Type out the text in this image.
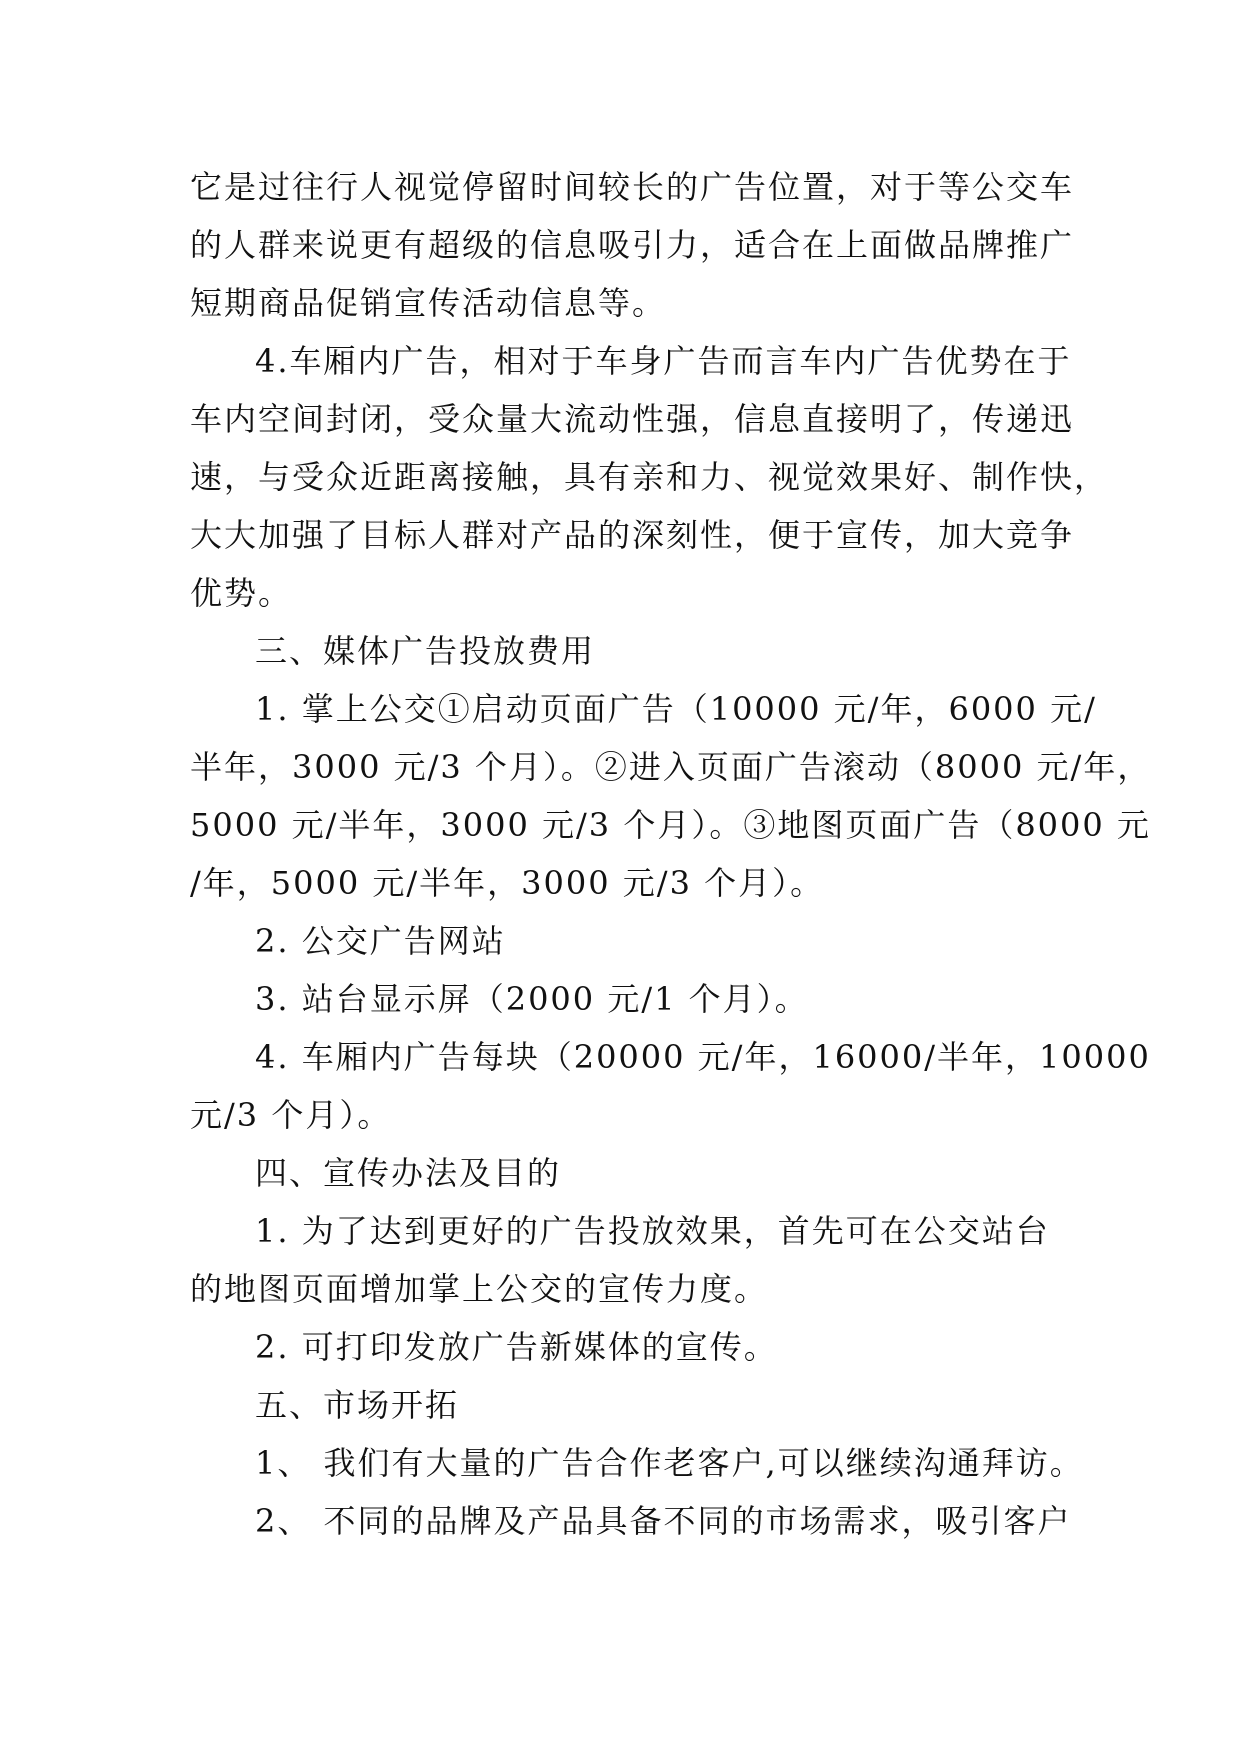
它是过往行人视觉停留时间较长的广告位置，对于等公交车
的人群来说更有超级的信息吸引力，适合在上面做品牌推广
短期商品促销宣传活动信息等。
4.车厢内广告，相对于车身广告而言车内广告优势在于
车内空间封闭，受众量大流动性强，信息直接明了，传递迅
速，与受众近距离接触，具有亲和力、视觉效果好、制作快，
大大加强了目标人群对产品的深刻性，便于宣传，加大竞争
优势。
三、媒体广告投放费用
1. 掌上公交①启动页面广告（10000 元/年，6000 元/
半年，3000 元/3 个月）。②进入页面广告滚动（8000 元/年，
5000 元/半年，3000 元/3 个月）。③地图页面广告（8000 元
/年，5000 元/半年，3000 元/3 个月）。
2. 公交广告网站
3. 站台显示屏（2000 元/1 个月）。
4. 车厢内广告每块（20000 元/年，16000/半年，10000
元/3 个月）。
四、宣传办法及目的
1. 为了达到更好的广告投放效果，首先可在公交站台
的地图页面增加掌上公交的宣传力度。
2. 可打印发放广告新媒体的宣传。
五、市场开拓
1、 我们有大量的广告合作老客户,可以继续沟通拜访。
2、 不同的品牌及产品具备不同的市场需求，吸引客户
